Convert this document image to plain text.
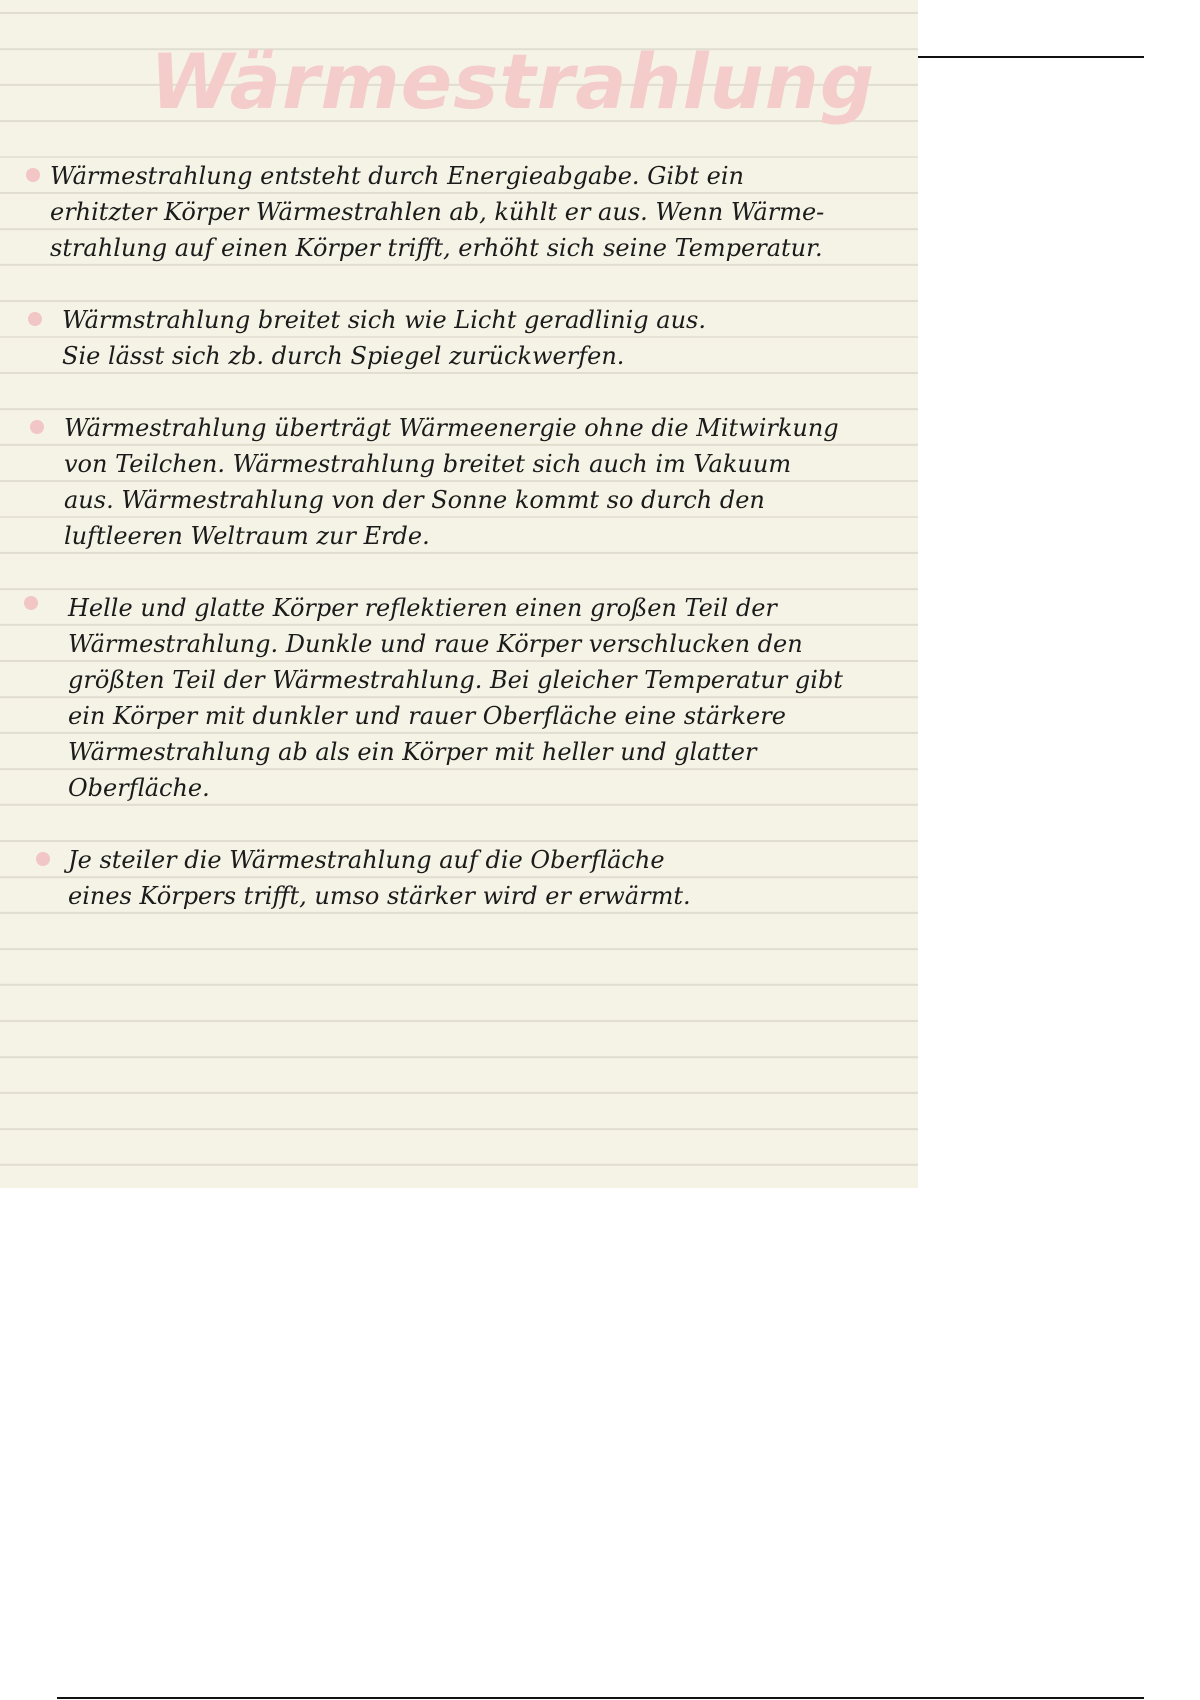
Wärmestrahlung
Wärmestrahlung entsteht durch Energieabgabe. Gibt ein
erhitzter Körper Wärmestrahlen ab, kühlt er aus. Wenn Wärme-
strahlung auf einen Körper trifft, erhöht sich seine Temperatur.
Wärmstrahlung breitet sich wie Licht geradlinig aus.
Sie lässt sich zb. durch Spiegel zurückwerfen.
Wärmestrahlung überträgt Wärmeenergie ohne die Mitwirkung
von Teilchen. Wärmestrahlung breitet sich auch im Vakuum
aus. Wärmestrahlung von der Sonne kommt so durch den
luftleeren Weltraum zur Erde.
Helle und glatte Körper reflektieren einen großen Teil der
Wärmestrahlung. Dunkle und raue Körper verschlucken den
größten Teil der Wärmestrahlung. Bei gleicher Temperatur gibt
ein Körper mit dunkler und rauer Oberfläche eine stärkere
Wärmestrahlung ab als ein Körper mit heller und glatter
Oberfläche.
Je steiler die Wärmestrahlung auf die Oberfläche
eines Körpers trifft, umso stärker wird er erwärmt.
